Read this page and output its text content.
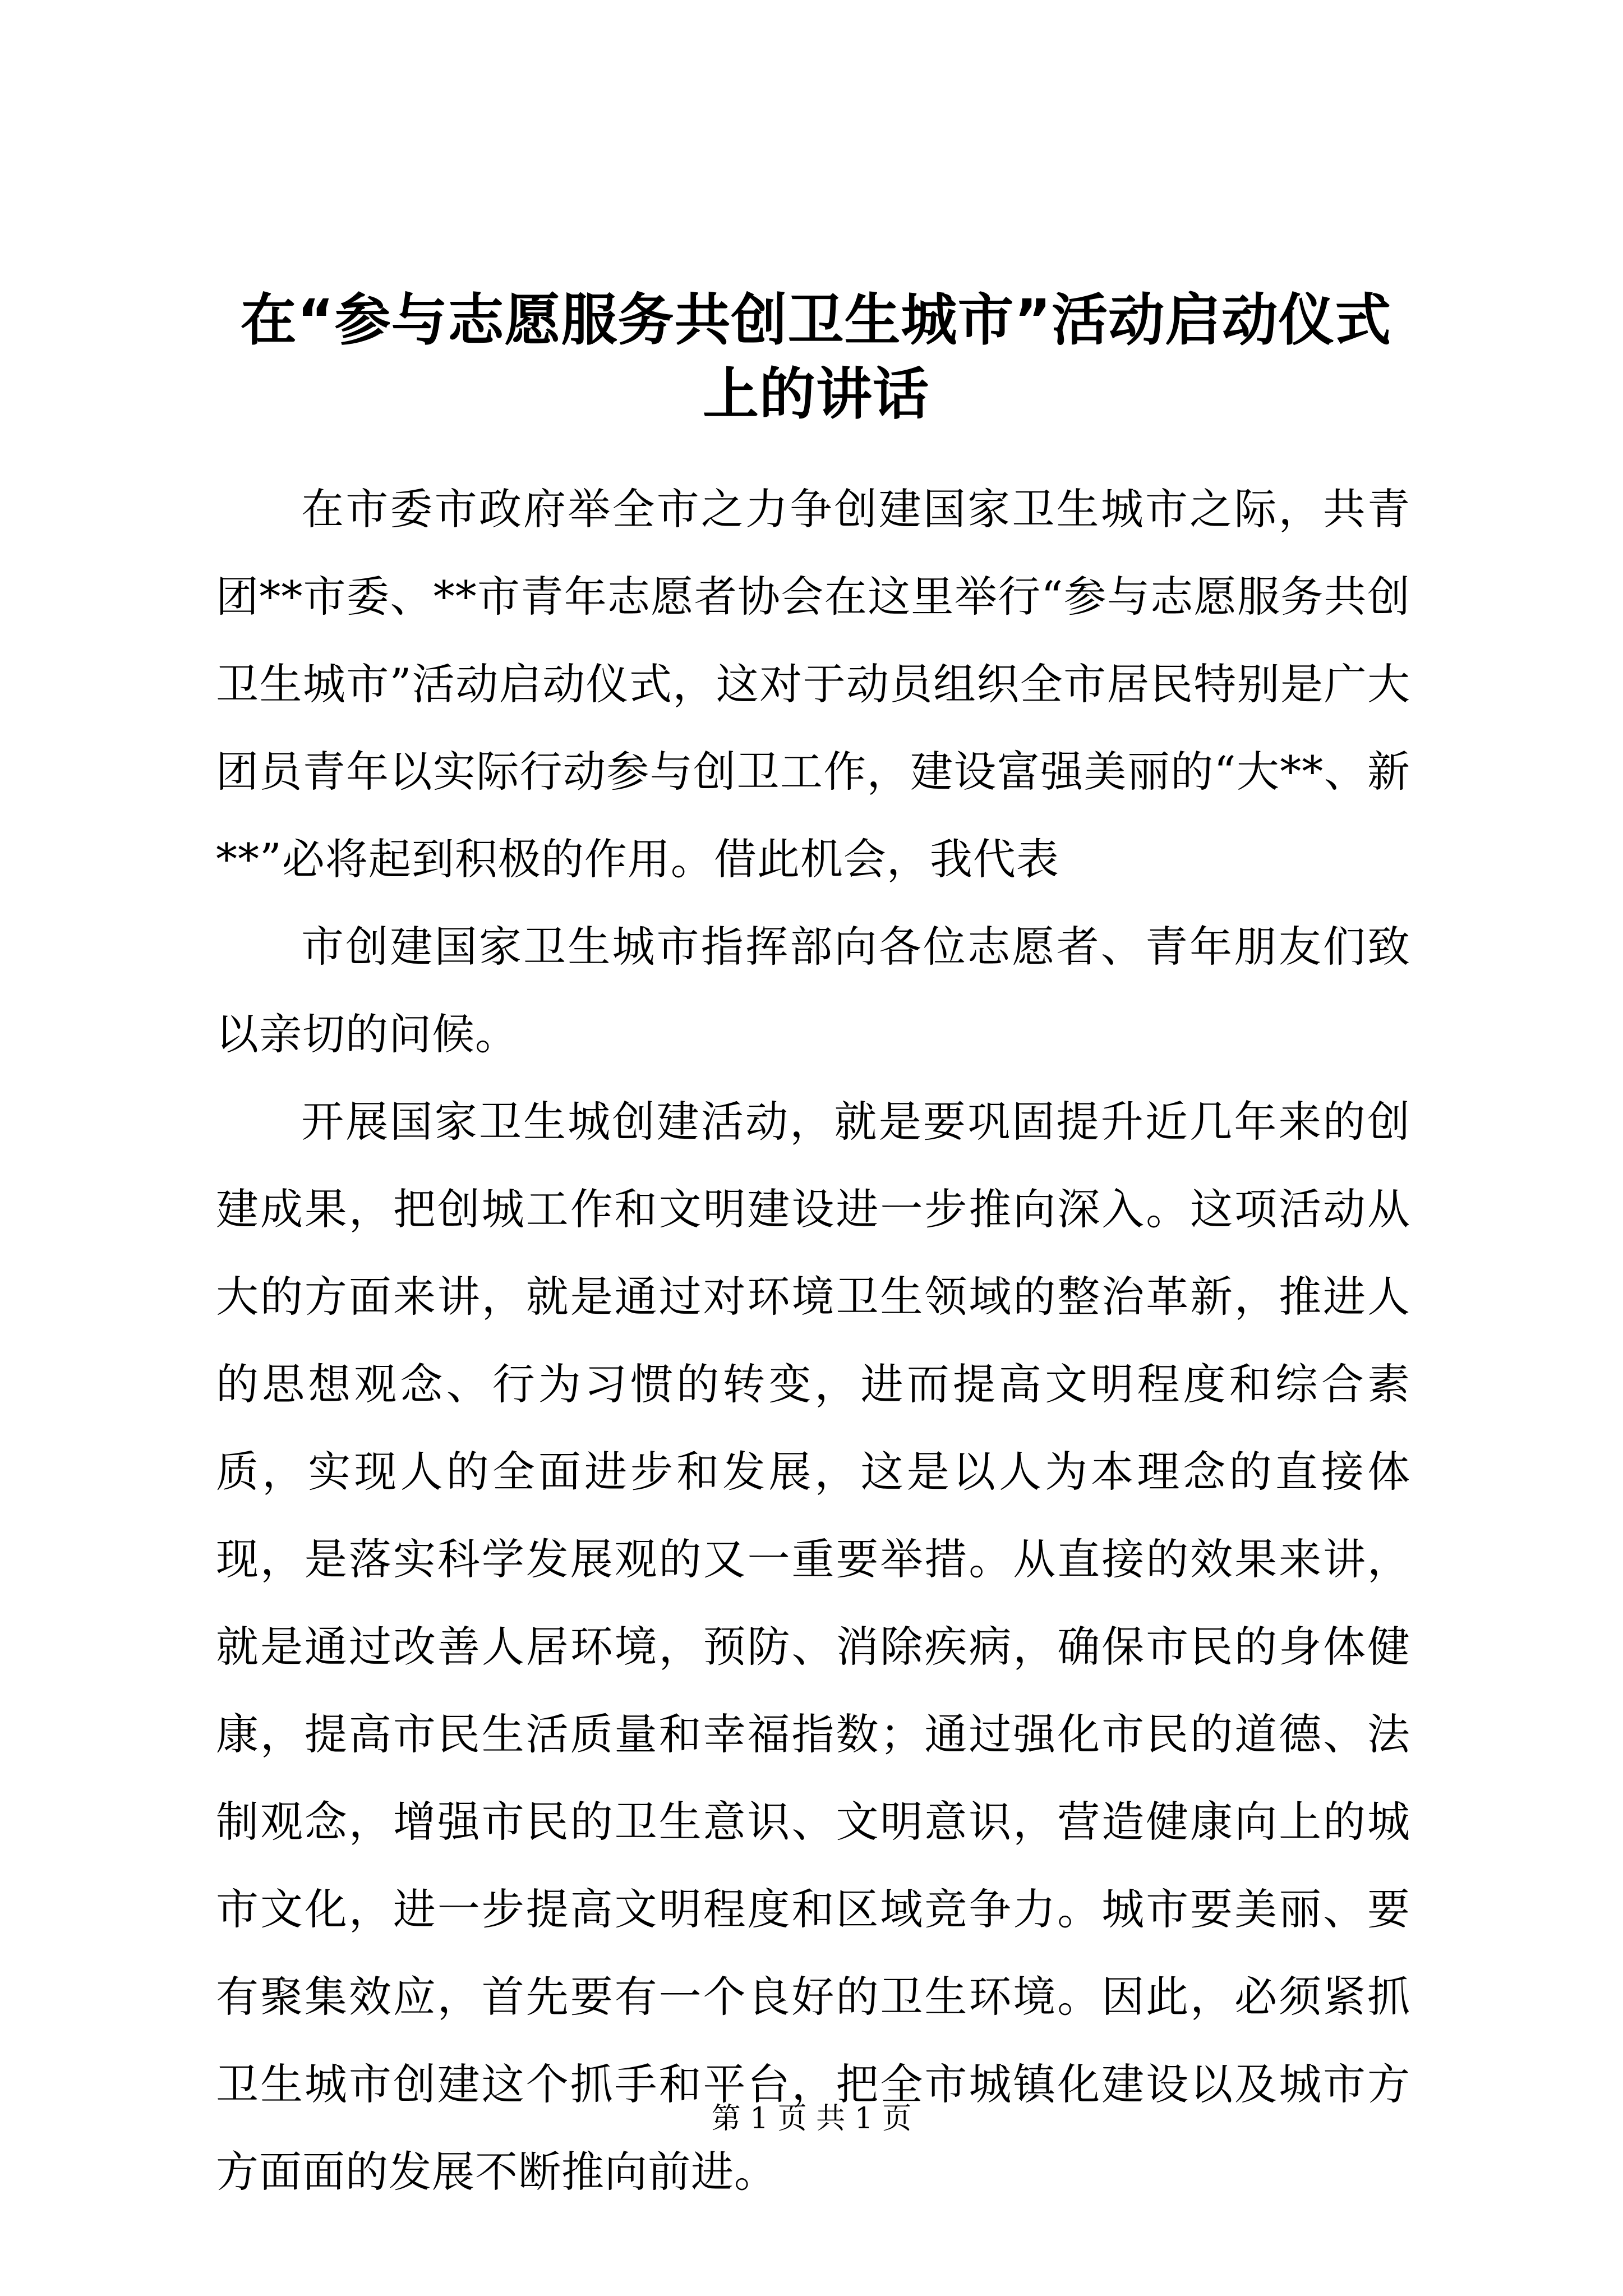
在“参与志愿服务共创卫生城市”活动启动仪式上的讲话

在市委市政府举全市之力争创建国家卫生城市之际，共青团**市委、**市青年志愿者协会在这里举行“参与志愿服务共创卫生城市”活动启动仪式，这对于动员组织全市居民特别是广大团员青年以实际行动参与创卫工作，建设富强美丽的“大**、新**”必将起到积极的作用。借此机会，我代表

市创建国家卫生城市指挥部向各位志愿者、青年朋友们致以亲切的问候。

开展国家卫生城创建活动，就是要巩固提升近几年来的创建成果，把创城工作和文明建设进一步推向深入。这项活动从大的方面来讲，就是通过对环境卫生领域的整治革新，推进人的思想观念、行为习惯的转变，进而提高文明程度和综合素质，实现人的全面进步和发展，这是以人为本理念的直接体现，是落实科学发展观的又一重要举措。从直接的效果来讲，就是通过改善人居环境，预防、消除疾病，确保市民的身体健康，提高市民生活质量和幸福指数；通过强化市民的道德、法制观念，增强市民的卫生意识、文明意识，营造健康向上的城市文化，进一步提高文明程度和区域竞争力。城市要美丽、要有聚集效应，首先要有一个良好的卫生环境。因此，必须紧抓卫生城市创建这个抓手和平台，把全市城镇化建设以及城市方方面面的发展不断推向前进。

第 1 页 共 1 页
